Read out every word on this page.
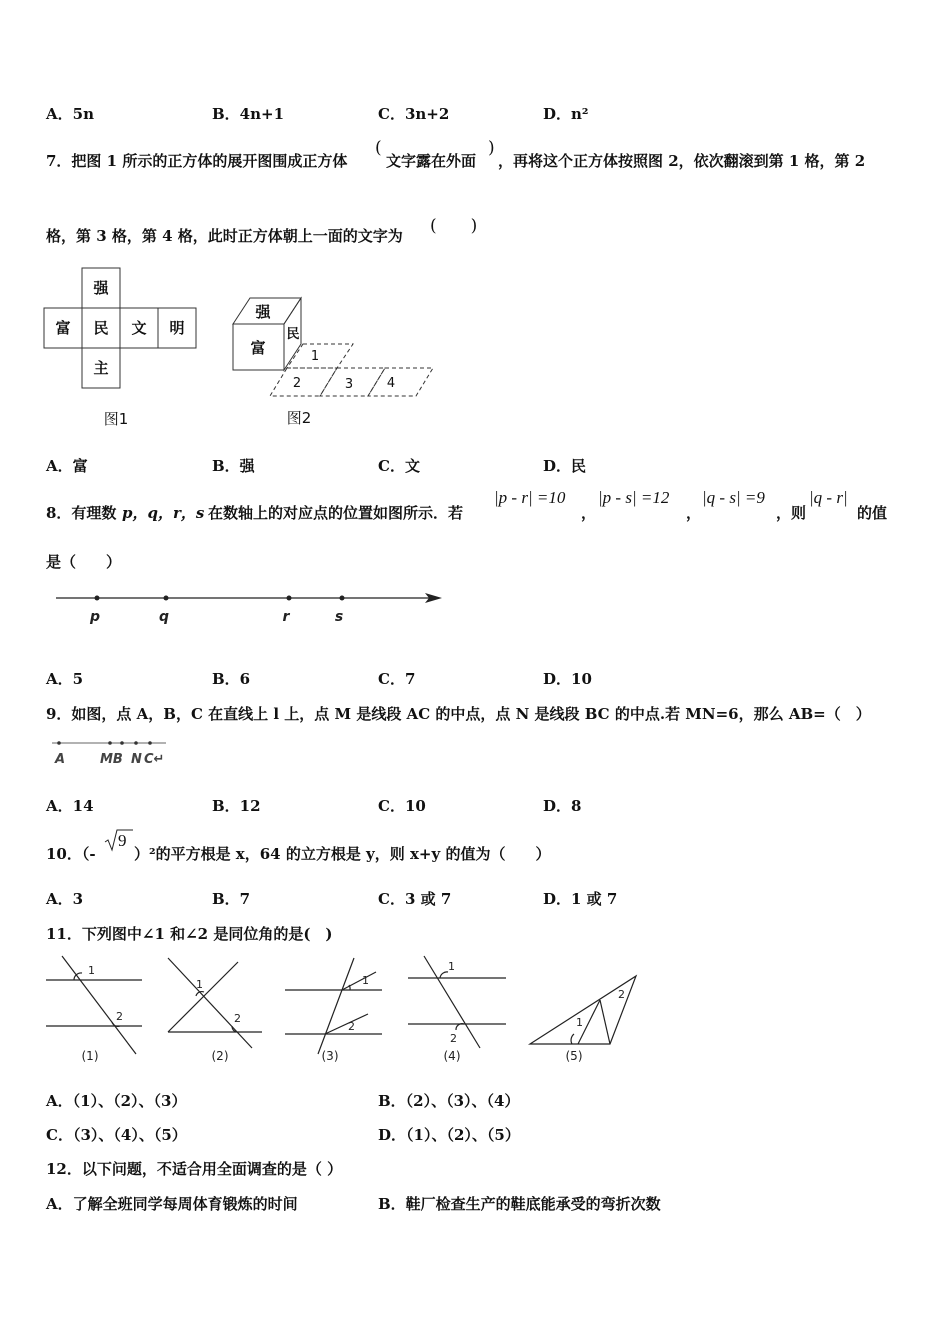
A．5n	B．4n+1	C．3n+2	D．n²
7．把图 1 所示的正方体的展开图围成正方体
(
文字露在外面
)
，再将这个正方体按照图 2，依次翻滚到第 1 格，第 2
格，第 3 格，第 4 格，此时正方体朝上一面的文字为 (　　)
强
富 民 文 明
主
图1
强
富
民
1
2	3	4
图2
A．富	B．强	C．文	D．民
8．有理数 p，q，r，s 在数轴上的对应点的位置如图所示．若
|p - r| =10
，
|p - s| =12
，
|q - s| =9
，则
|q - r|
的值
是（　　）
p	q	r	s
A．5	B．6	C．7	D．10
9．如图，点 A，B，C 在直线上 l 上，点 M 是线段 AC 的中点，点 N 是线段 BC 的中点.若 MN=6，那么 AB=（　）
A	MB N C↵
A．14	B．12	C．10	D．8
10．（-
9
）²的平方根是 x，64 的立方根是 y，则 x+y 的值为（　　）
A．3	B．7	C．3 或 7	D．1 或 7
11．下列图中∠1 和∠2 是同位角的是(　)
1
2
1
2
1
2
1
2
1
2
(1)	(2)	(3)	(4)	(5)
A．（1）、（2）、（3）	B．（2）、（3）、（4）
C．（3）、（4）、（5）	D．（1）、（2）、（5）
12．以下问题，不适合用全面调查的是（ ）
A．了解全班同学每周体育锻炼的时间	B．鞋厂检查生产的鞋底能承受的弯折次数
